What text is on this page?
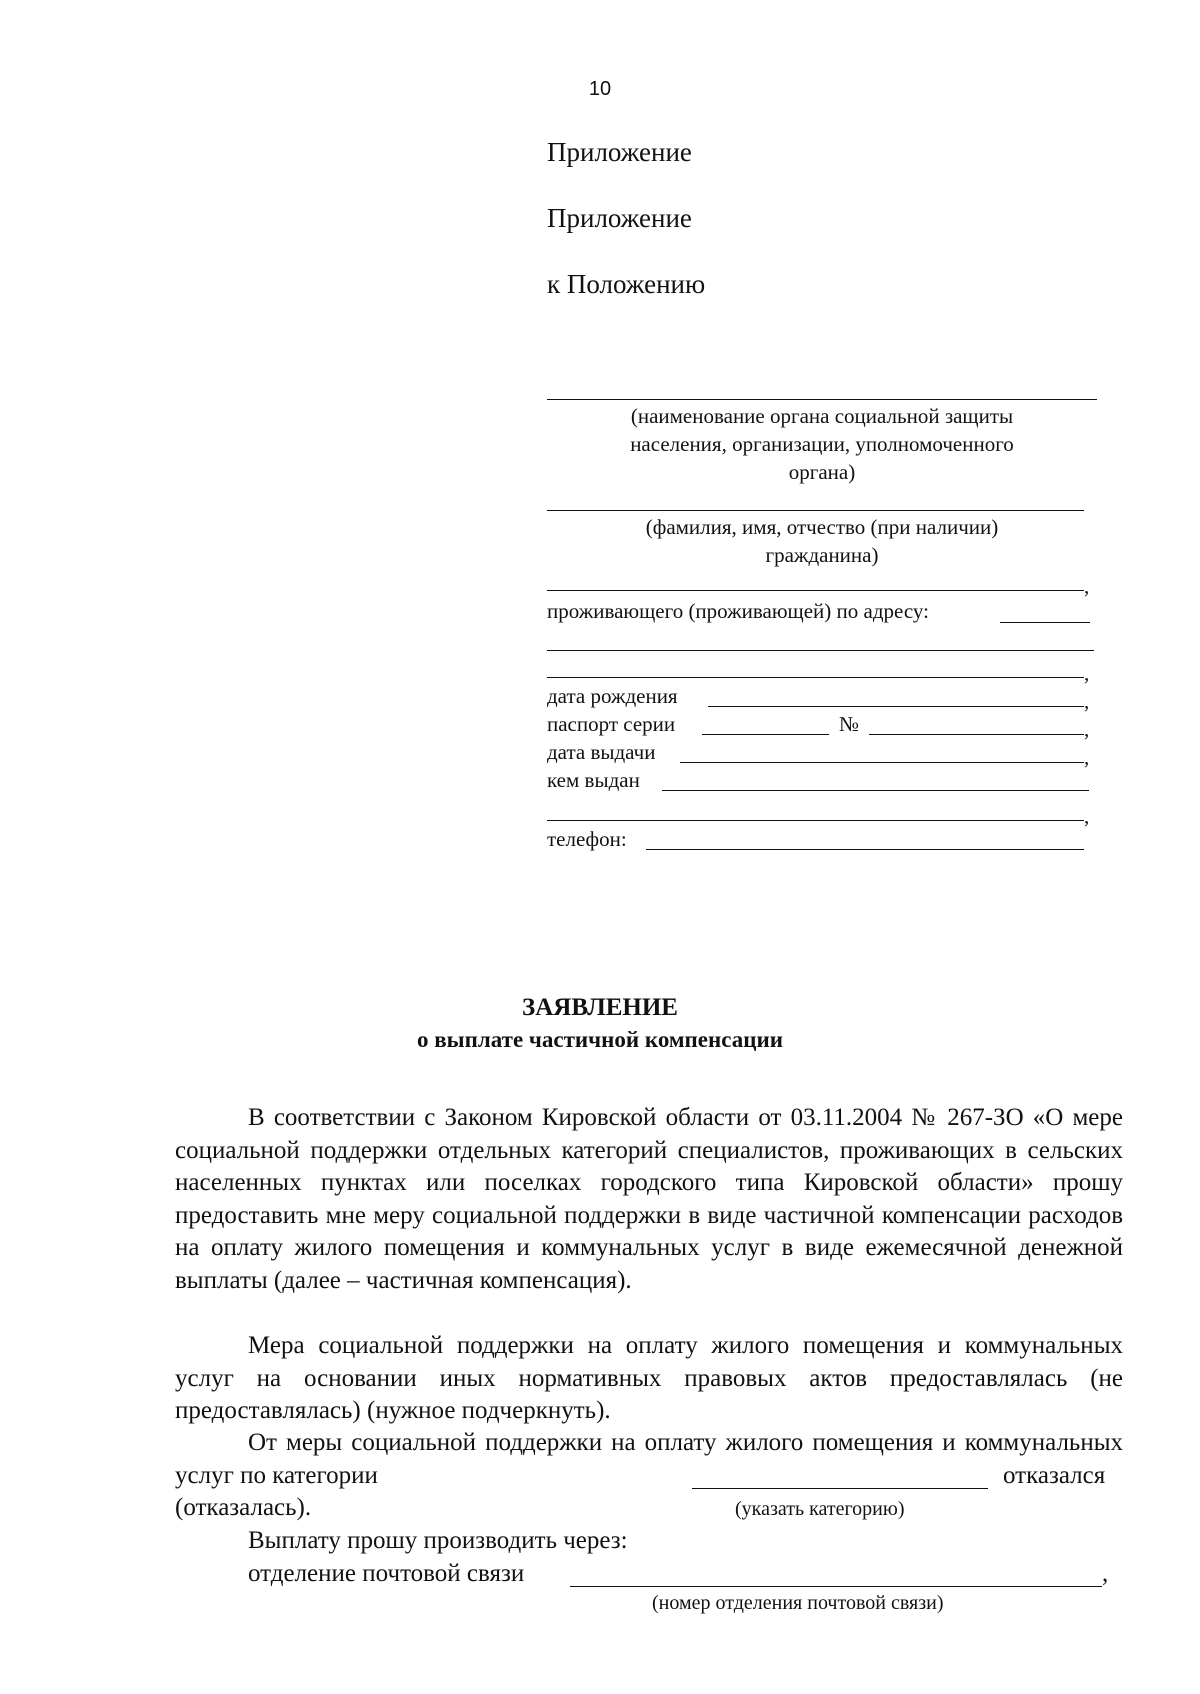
10
Приложение
Приложение
к Положению
(наименование органа социальной защиты
населения, организации, уполномоченного
органа)
(фамилия, имя, отчество (при наличии)
гражданина)
,
проживающего (проживающей) по адресу:
,
дата рождения	,
паспорт серии	№	,
дата выдачи	,
кем выдан
,
телефон:
ЗАЯВЛЕНИЕ
о выплате частичной компенсации
В соответствии с Законом Кировской области от 03.11.2004 № 267-ЗО «О мере социальной поддержки отдельных категорий специалистов, проживающих в сельских населенных пунктах или поселках городского типа Кировской области» прошу предоставить мне меру социальной поддержки в виде частичной компенсации расходов на оплату жилого помещения и коммунальных услуг в виде ежемесячной денежной выплаты (далее – частичная компенсация).
Мера социальной поддержки на оплату жилого помещения и коммунальных услуг на основании иных нормативных правовых актов предоставлялась (не предоставлялась) (нужное подчеркнуть).
От меры социальной поддержки на оплату жилого помещения и коммунальных услуг по категории	отказался
(отказалась).	(указать категорию)
Выплату прошу производить через:
отделение почтовой связи	,
(номер отделения почтовой связи)
